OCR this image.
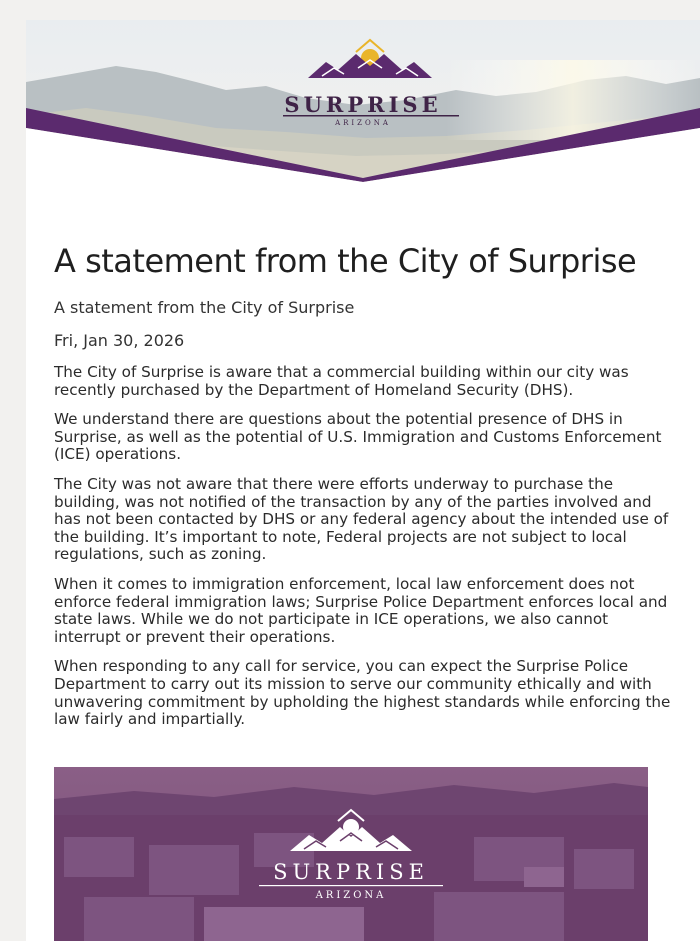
SURPRISE
ARIZONA
A statement from the City of Surprise

A statement from the City of Surprise

Fri, Jan 30, 2026

The City of Surprise is aware that a commercial building within our city was recently purchased by the Department of Homeland Security (DHS).

We understand there are questions about the potential presence of DHS in Surprise, as well as the potential of U.S. Immigration and Customs Enforcement (ICE) operations.

The City was not aware that there were efforts underway to purchase the building, was not notified of the transaction by any of the parties involved and has not been contacted by DHS or any federal agency about the intended use of the building. It’s important to note, Federal projects are not subject to local regulations, such as zoning.

When it comes to immigration enforcement, local law enforcement does not enforce federal immigration laws; Surprise Police Department enforces local and state laws. While we do not participate in ICE operations, we also cannot interrupt or prevent their operations.

When responding to any call for service, you can expect the Surprise Police Department to carry out its mission to serve our community ethically and with unwavering commitment by upholding the highest standards while enforcing the law fairly and impartially.

SURPRISE
ARIZONA
